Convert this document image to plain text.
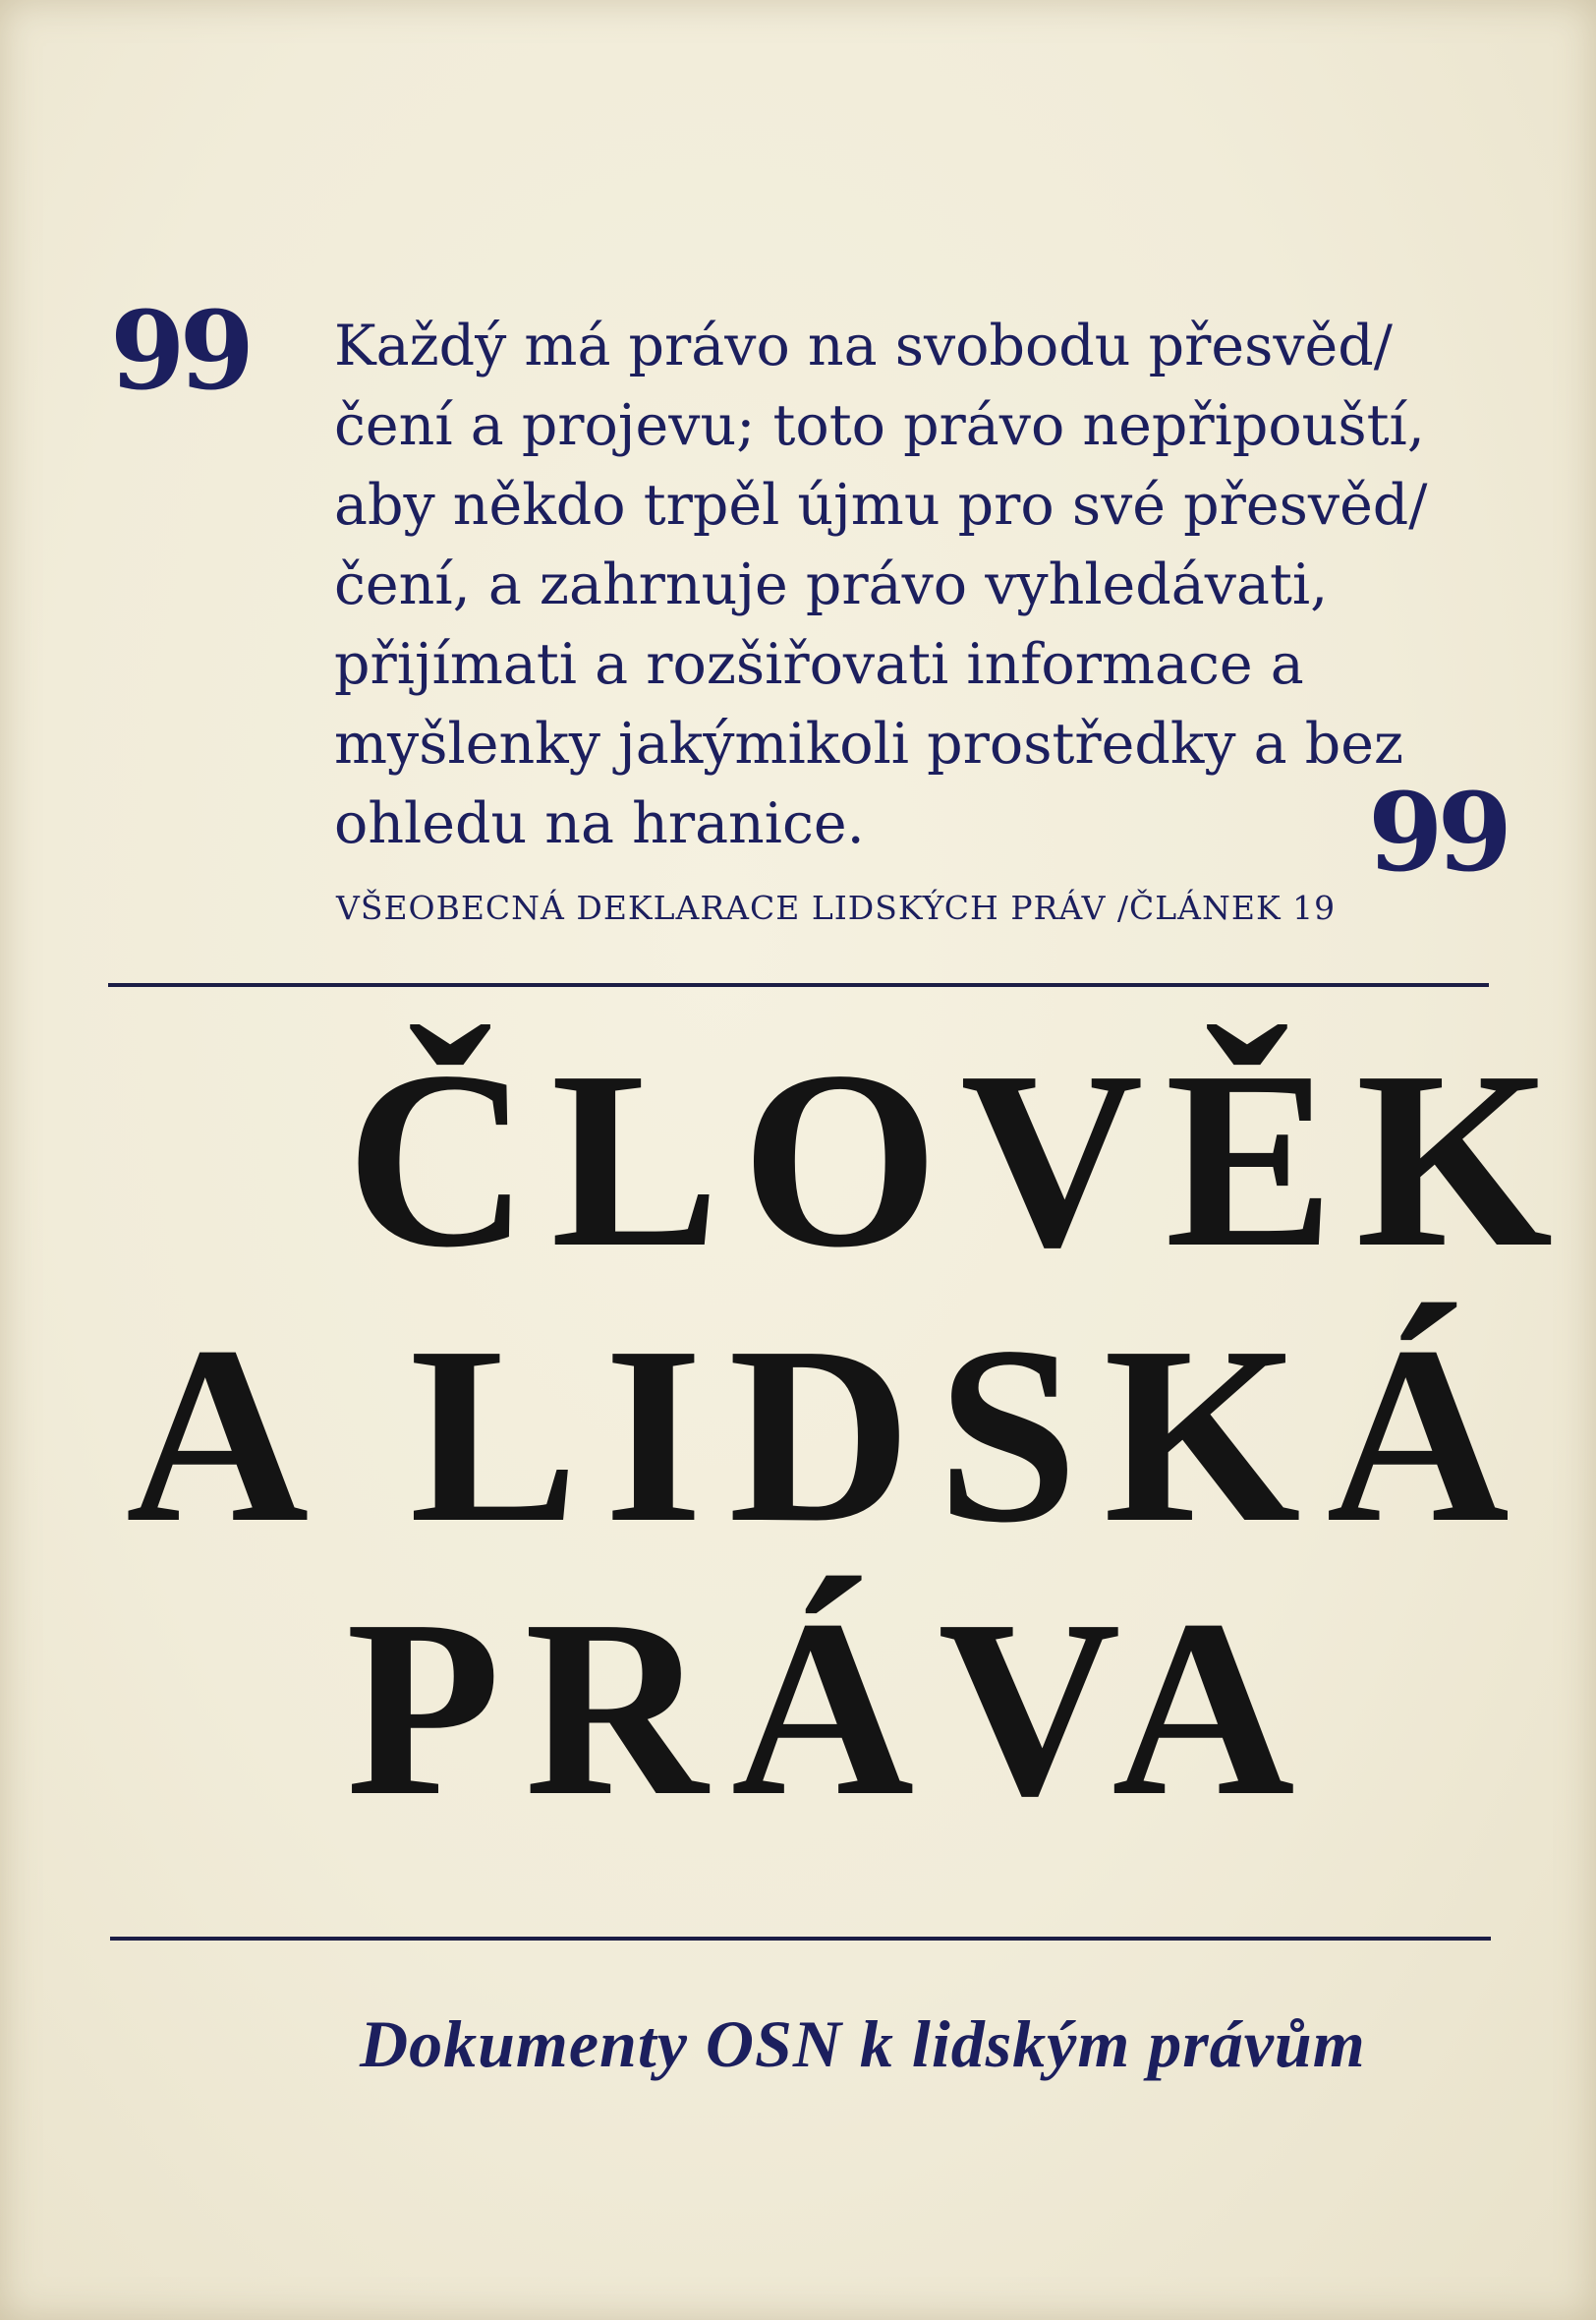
99 Každý má právo na svobodu přesvěd/
čení a projevu; toto právo nepřipouští,
aby někdo trpěl újmu pro své přesvěd/
čení, a zahrnuje právo vyhledávati,
přijímati a rozšiřovati informace a
myšlenky jakýmikoli prostředky a bez
ohledu na hranice.	99
VŠEOBECNÁ DEKLARACE LIDSKÝCH PRÁV /ČLÁNEK 19
ČLOVĚK
A LIDSKÁ
PRÁVA
Dokumenty OSN k lidským právům
